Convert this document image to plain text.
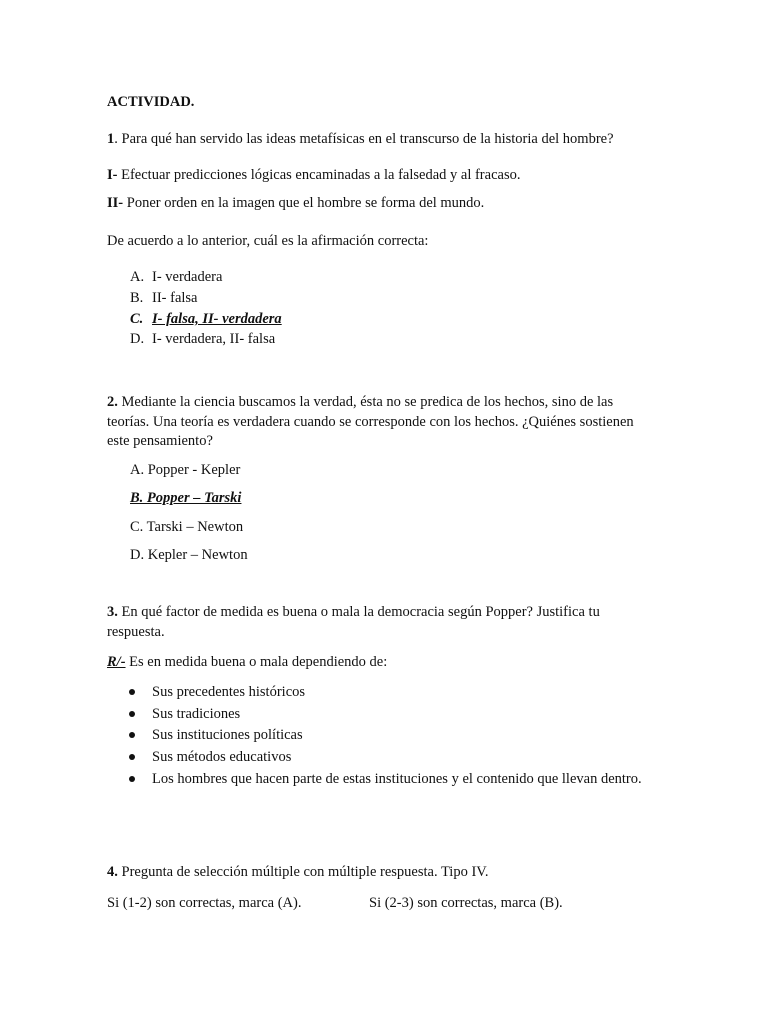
ACTIVIDAD.
1. Para qué han servido las ideas metafísicas en el transcurso de la historia del hombre?
I- Efectuar predicciones lógicas encaminadas a la falsedad y al fracaso.
II- Poner orden en la imagen que el hombre se forma del mundo.
De acuerdo a lo anterior, cuál es la afirmación correcta:
A. I- verdadera
B. II- falsa
C. I- falsa, II- verdadera
D. I- verdadera, II- falsa
2. Mediante la ciencia buscamos la verdad, ésta no se predica de los hechos, sino de las
teorías. Una teoría es verdadera cuando se corresponde con los hechos. ¿Quiénes sostienen
este pensamiento?
A. Popper - Kepler
B. Popper – Tarski
C. Tarski – Newton
D. Kepler – Newton
3. En qué factor de medida es buena o mala la democracia según Popper? Justifica tu
respuesta.
R/- Es en medida buena o mala dependiendo de:
Sus precedentes históricos
Sus tradiciones
Sus instituciones políticas
Sus métodos educativos
Los hombres que hacen parte de estas instituciones y el contenido que llevan dentro.
4. Pregunta de selección múltiple con múltiple respuesta. Tipo IV.
Si (1-2) son correctas, marca (A).	Si (2-3) son correctas, marca (B).
